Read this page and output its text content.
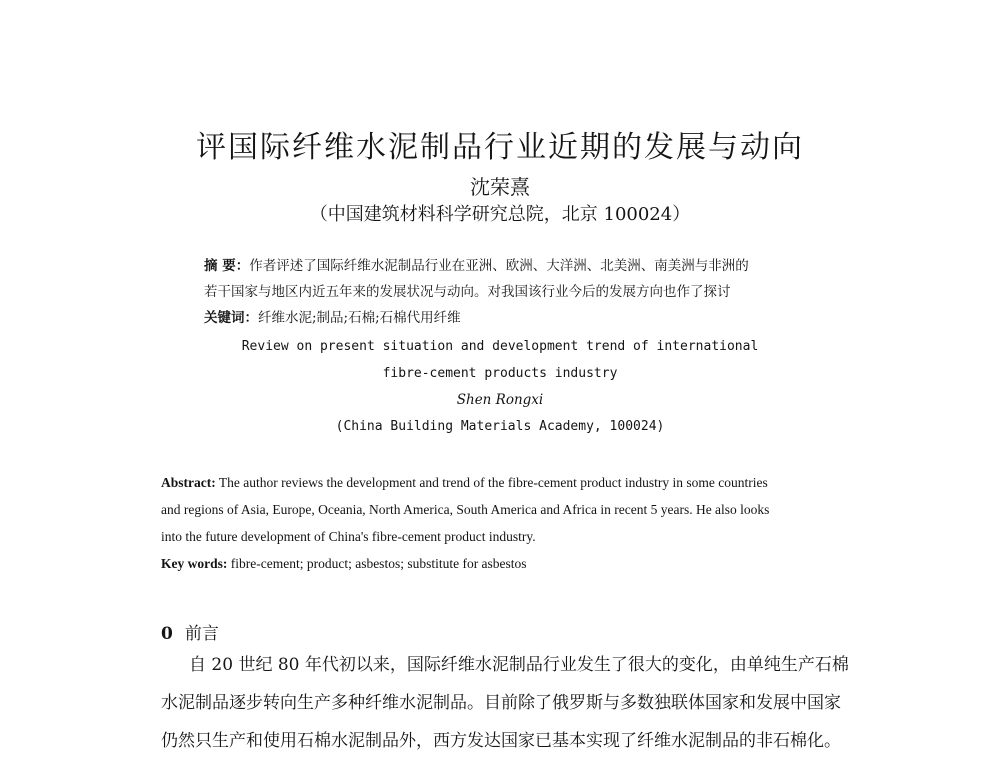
评国际纤维水泥制品行业近期的发展与动向
沈荣熹
（中国建筑材料科学研究总院，北京 100024）
摘 要：作者评述了国际纤维水泥制品行业在亚洲、欧洲、大洋洲、北美洲、南美洲与非洲的
若干国家与地区内近五年来的发展状况与动向。对我国该行业今后的发展方向也作了探讨
关键词：纤维水泥;制品;石棉;石棉代用纤维
Review on present situation and development trend of international
fibre-cement products industry
Shen Rongxi
(China Building Materials Academy, 100024)
Abstract: The author reviews the development and trend of the fibre-cement product industry in some countries
and regions of Asia, Europe, Oceania, North America, South America and Africa in recent 5 years. He also looks
into the future development of China's fibre-cement product industry.
Key words: fibre-cement; product; asbestos; substitute for asbestos
0 前言
自 20 世纪 80 年代初以来，国际纤维水泥制品行业发生了很大的变化，由单纯生产石棉
水泥制品逐步转向生产多种纤维水泥制品。目前除了俄罗斯与多数独联体国家和发展中国家
仍然只生产和使用石棉水泥制品外，西方发达国家已基本实现了纤维水泥制品的非石棉化。
